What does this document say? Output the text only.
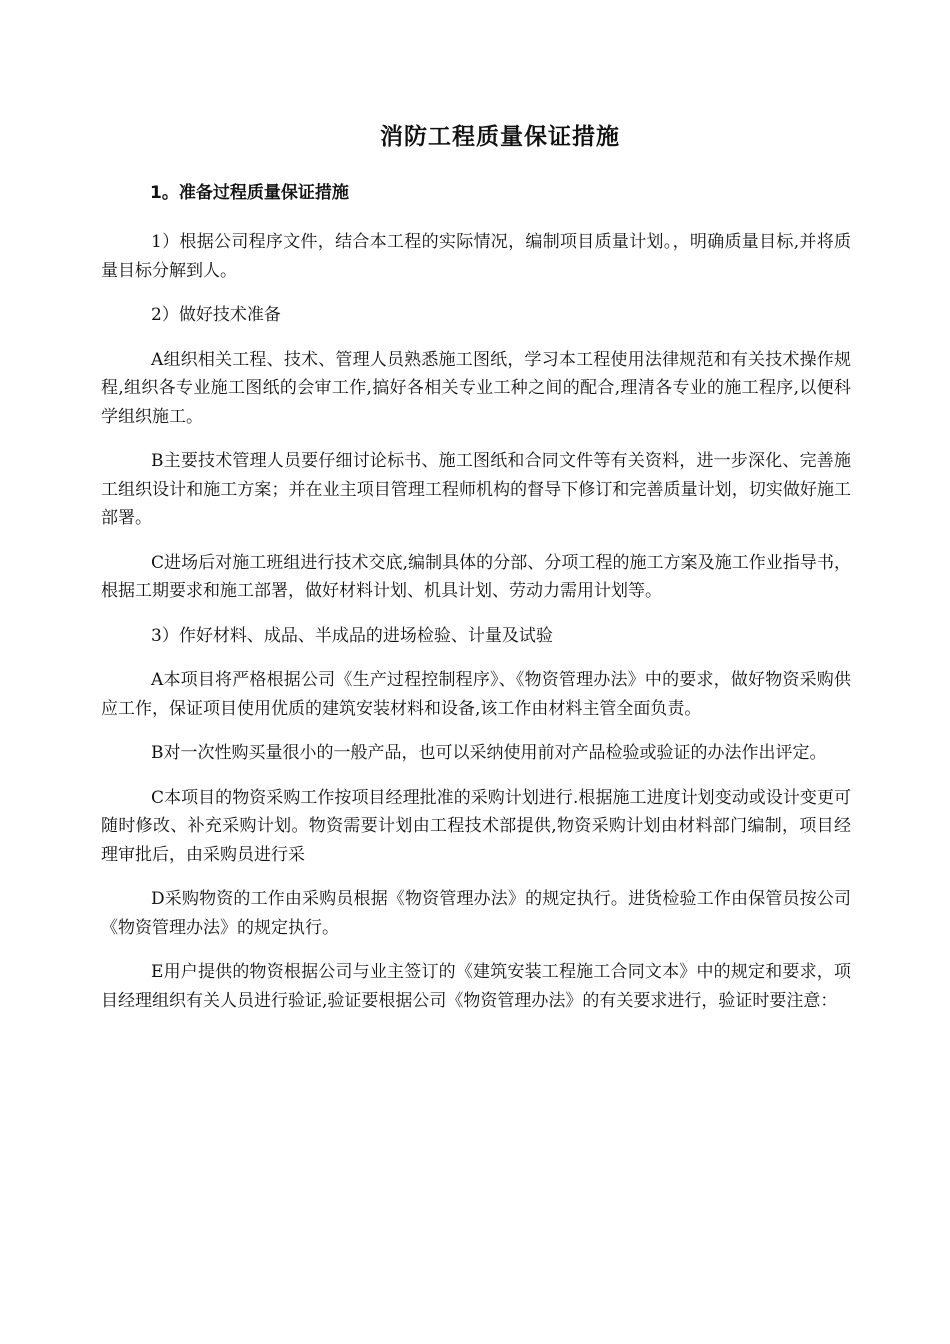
消防工程质量保证措施
1。准备过程质量保证措施

1）根据公司程序文件，结合本工程的实际情况，编制项目质量计划。，明确质量目标,并将质量目标分解到人。

2）做好技术准备

A组织相关工程、技术、管理人员熟悉施工图纸，学习本工程使用法律规范和有关技术操作规程,组织各专业施工图纸的会审工作,搞好各相关专业工种之间的配合,理清各专业的施工程序,以便科学组织施工。

B主要技术管理人员要仔细讨论标书、施工图纸和合同文件等有关资料，进一步深化、完善施工组织设计和施工方案；并在业主项目管理工程师机构的督导下修订和完善质量计划，切实做好施工部署。

C进场后对施工班组进行技术交底,编制具体的分部、分项工程的施工方案及施工作业指导书，根据工期要求和施工部署，做好材料计划、机具计划、劳动力需用计划等。

3）作好材料、成品、半成品的进场检验、计量及试验

A本项目将严格根据公司《生产过程控制程序》、《物资管理办法》中的要求，做好物资采购供应工作，保证项目使用优质的建筑安装材料和设备,该工作由材料主管全面负责。

B对一次性购买量很小的一般产品，也可以采纳使用前对产品检验或验证的办法作出评定。

C本项目的物资采购工作按项目经理批准的采购计划进行.根据施工进度计划变动或设计变更可随时修改、补充采购计划。物资需要计划由工程技术部提供,物资采购计划由材料部门编制，项目经理审批后，由采购员进行采

D采购物资的工作由采购员根据《物资管理办法》的规定执行。进货检验工作由保管员按公司《物资管理办法》的规定执行。

E用户提供的物资根据公司与业主签订的《建筑安装工程施工合同文本》中的规定和要求，项目经理组织有关人员进行验证,验证要根据公司《物资管理办法》的有关要求进行，验证时要注意：
